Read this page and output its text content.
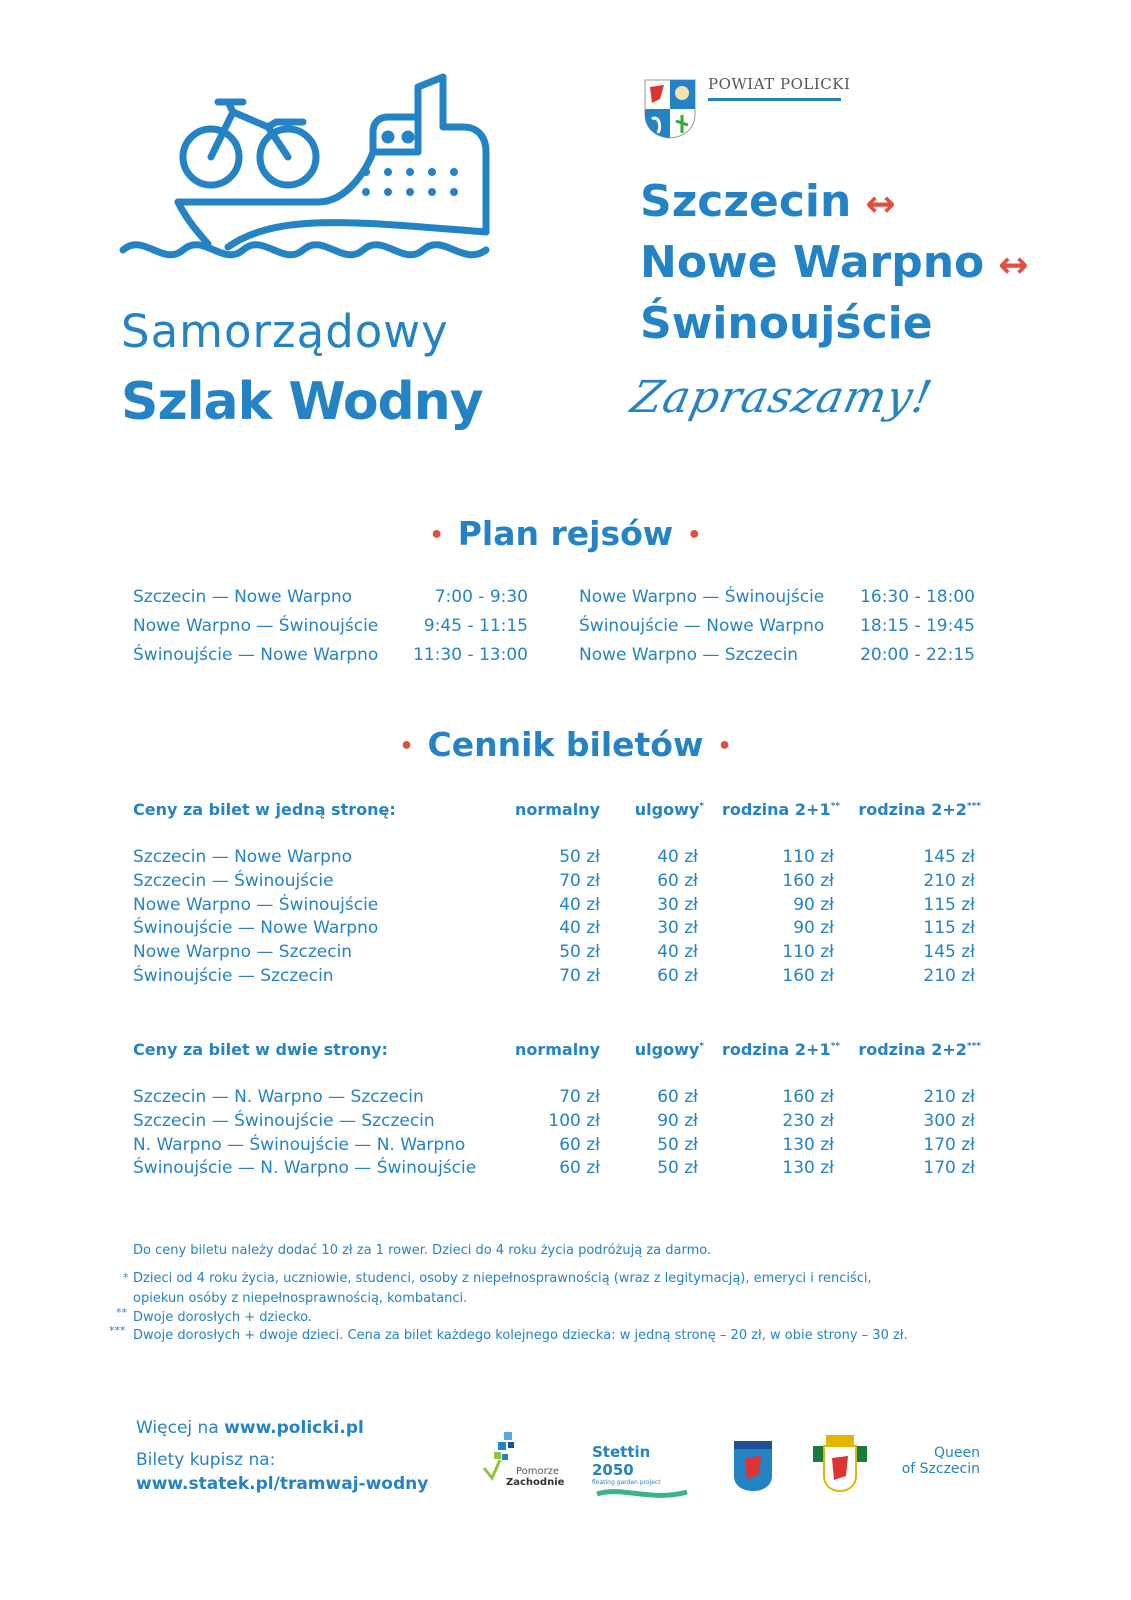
Samorządowy
Szlak Wodny
POWIAT POLICKI
Szczecin ↔
Nowe Warpno ↔
Świnoujście
Zapraszamy!
• Plan rejsów •
Szczecin — Nowe Warpno	7:00 - 9:30
Nowe Warpno — Świnoujście	9:45 - 11:15
Świnoujście — Nowe Warpno	11:30 - 13:00
Nowe Warpno — Świnoujście	16:30 - 18:00
Świnoujście — Nowe Warpno	18:15 - 19:45
Nowe Warpno — Szczecin	20:00 - 22:15
• Cennik biletów •
Ceny za bilet w jedną stronę:	normalny	ulgowy*	rodzina 2+1**	rodzina 2+2***
Szczecin — Nowe Warpno	50 zł	40 zł	110 zł	145 zł
Szczecin — Świnoujście	70 zł	60 zł	160 zł	210 zł
Nowe Warpno — Świnoujście	40 zł	30 zł	90 zł	115 zł
Świnoujście — Nowe Warpno	40 zł	30 zł	90 zł	115 zł
Nowe Warpno — Szczecin	50 zł	40 zł	110 zł	145 zł
Świnoujście — Szczecin	70 zł	60 zł	160 zł	210 zł
Ceny za bilet w dwie strony:	normalny	ulgowy*	rodzina 2+1**	rodzina 2+2***
Szczecin — N. Warpno — Szczecin	70 zł	60 zł	160 zł	210 zł
Szczecin — Świnoujście — Szczecin	100 zł	90 zł	230 zł	300 zł
N. Warpno — Świnoujście — N. Warpno	60 zł	50 zł	130 zł	170 zł
Świnoujście — N. Warpno — Świnoujście	60 zł	50 zł	130 zł	170 zł
Do ceny biletu należy dodać 10 zł za 1 rower. Dzieci do 4 roku życia podróżują za darmo.
* Dzieci od 4 roku życia, uczniowie, studenci, osoby z niepełnosprawnością (wraz z legitymacją), emeryci i renciści,
opiekun osóby z niepełnosprawnością, kombatanci.
** Dwoje dorosłych + dziecko.
*** Dwoje dorosłych + dwoje dzieci. Cena za bilet każdego kolejnego dziecka: w jedną stronę – 20 zł, w obie strony – 30 zł.
Więcej na www.policki.pl
Bilety kupisz na:
www.statek.pl/tramwaj-wodny
Pomorze
Zachodnie
Stettin 2050
floating garden project
Queen
of Szczecin
